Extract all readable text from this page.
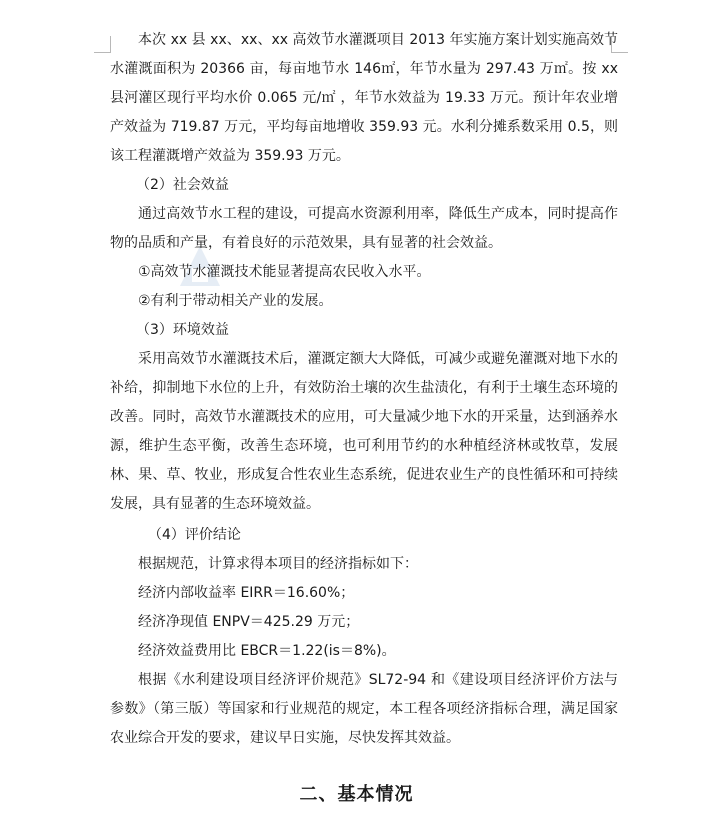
本次 xx 县 xx、xx、xx 高效节水灌溉项目 2013 年实施方案计划实施高效节水灌溉面积为 20366 亩，每亩地节水 146㎡，年节水量为 297.43 万㎡。按 xx 县河灌区现行平均水价 0.065 元/㎡ ，年节水效益为 19.33 万元。预计年农业增产效益为 719.87 万元，平均每亩地增收 359.93 元。水利分摊系数采用 0.5，则该工程灌溉增产效益为 359.93 万元。

（2）社会效益

通过高效节水工程的建设，可提高水资源利用率，降低生产成本，同时提高作物的品质和产量，有着良好的示范效果，具有显著的社会效益。

①高效节水灌溉技术能显著提高农民收入水平。

②有利于带动相关产业的发展。

（3）环境效益

采用高效节水灌溉技术后，灌溉定额大大降低，可减少或避免灌溉对地下水的补给，抑制地下水位的上升，有效防治土壤的次生盐渍化，有利于土壤生态环境的改善。同时，高效节水灌溉技术的应用，可大量减少地下水的开采量，达到涵养水源，维护生态平衡，改善生态环境，也可利用节约的水种植经济林或牧草，发展林、果、草、牧业，形成复合性农业生态系统，促进农业生产的良性循环和可持续发展，具有显著的生态环境效益。

（4）评价结论

根据规范，计算求得本项目的经济指标如下：

经济内部收益率 EIRR＝16.60%；

经济净现值 ENPV＝425.29 万元；

经济效益费用比 EBCR＝1.22(is＝8%)。

根据《水利建设项目经济评价规范》SL72-94 和《建设项目经济评价方法与参数》（第三版）等国家和行业规范的规定，本工程各项经济指标合理，满足国家农业综合开发的要求，建议早日实施，尽快发挥其效益。

二、基本情况
